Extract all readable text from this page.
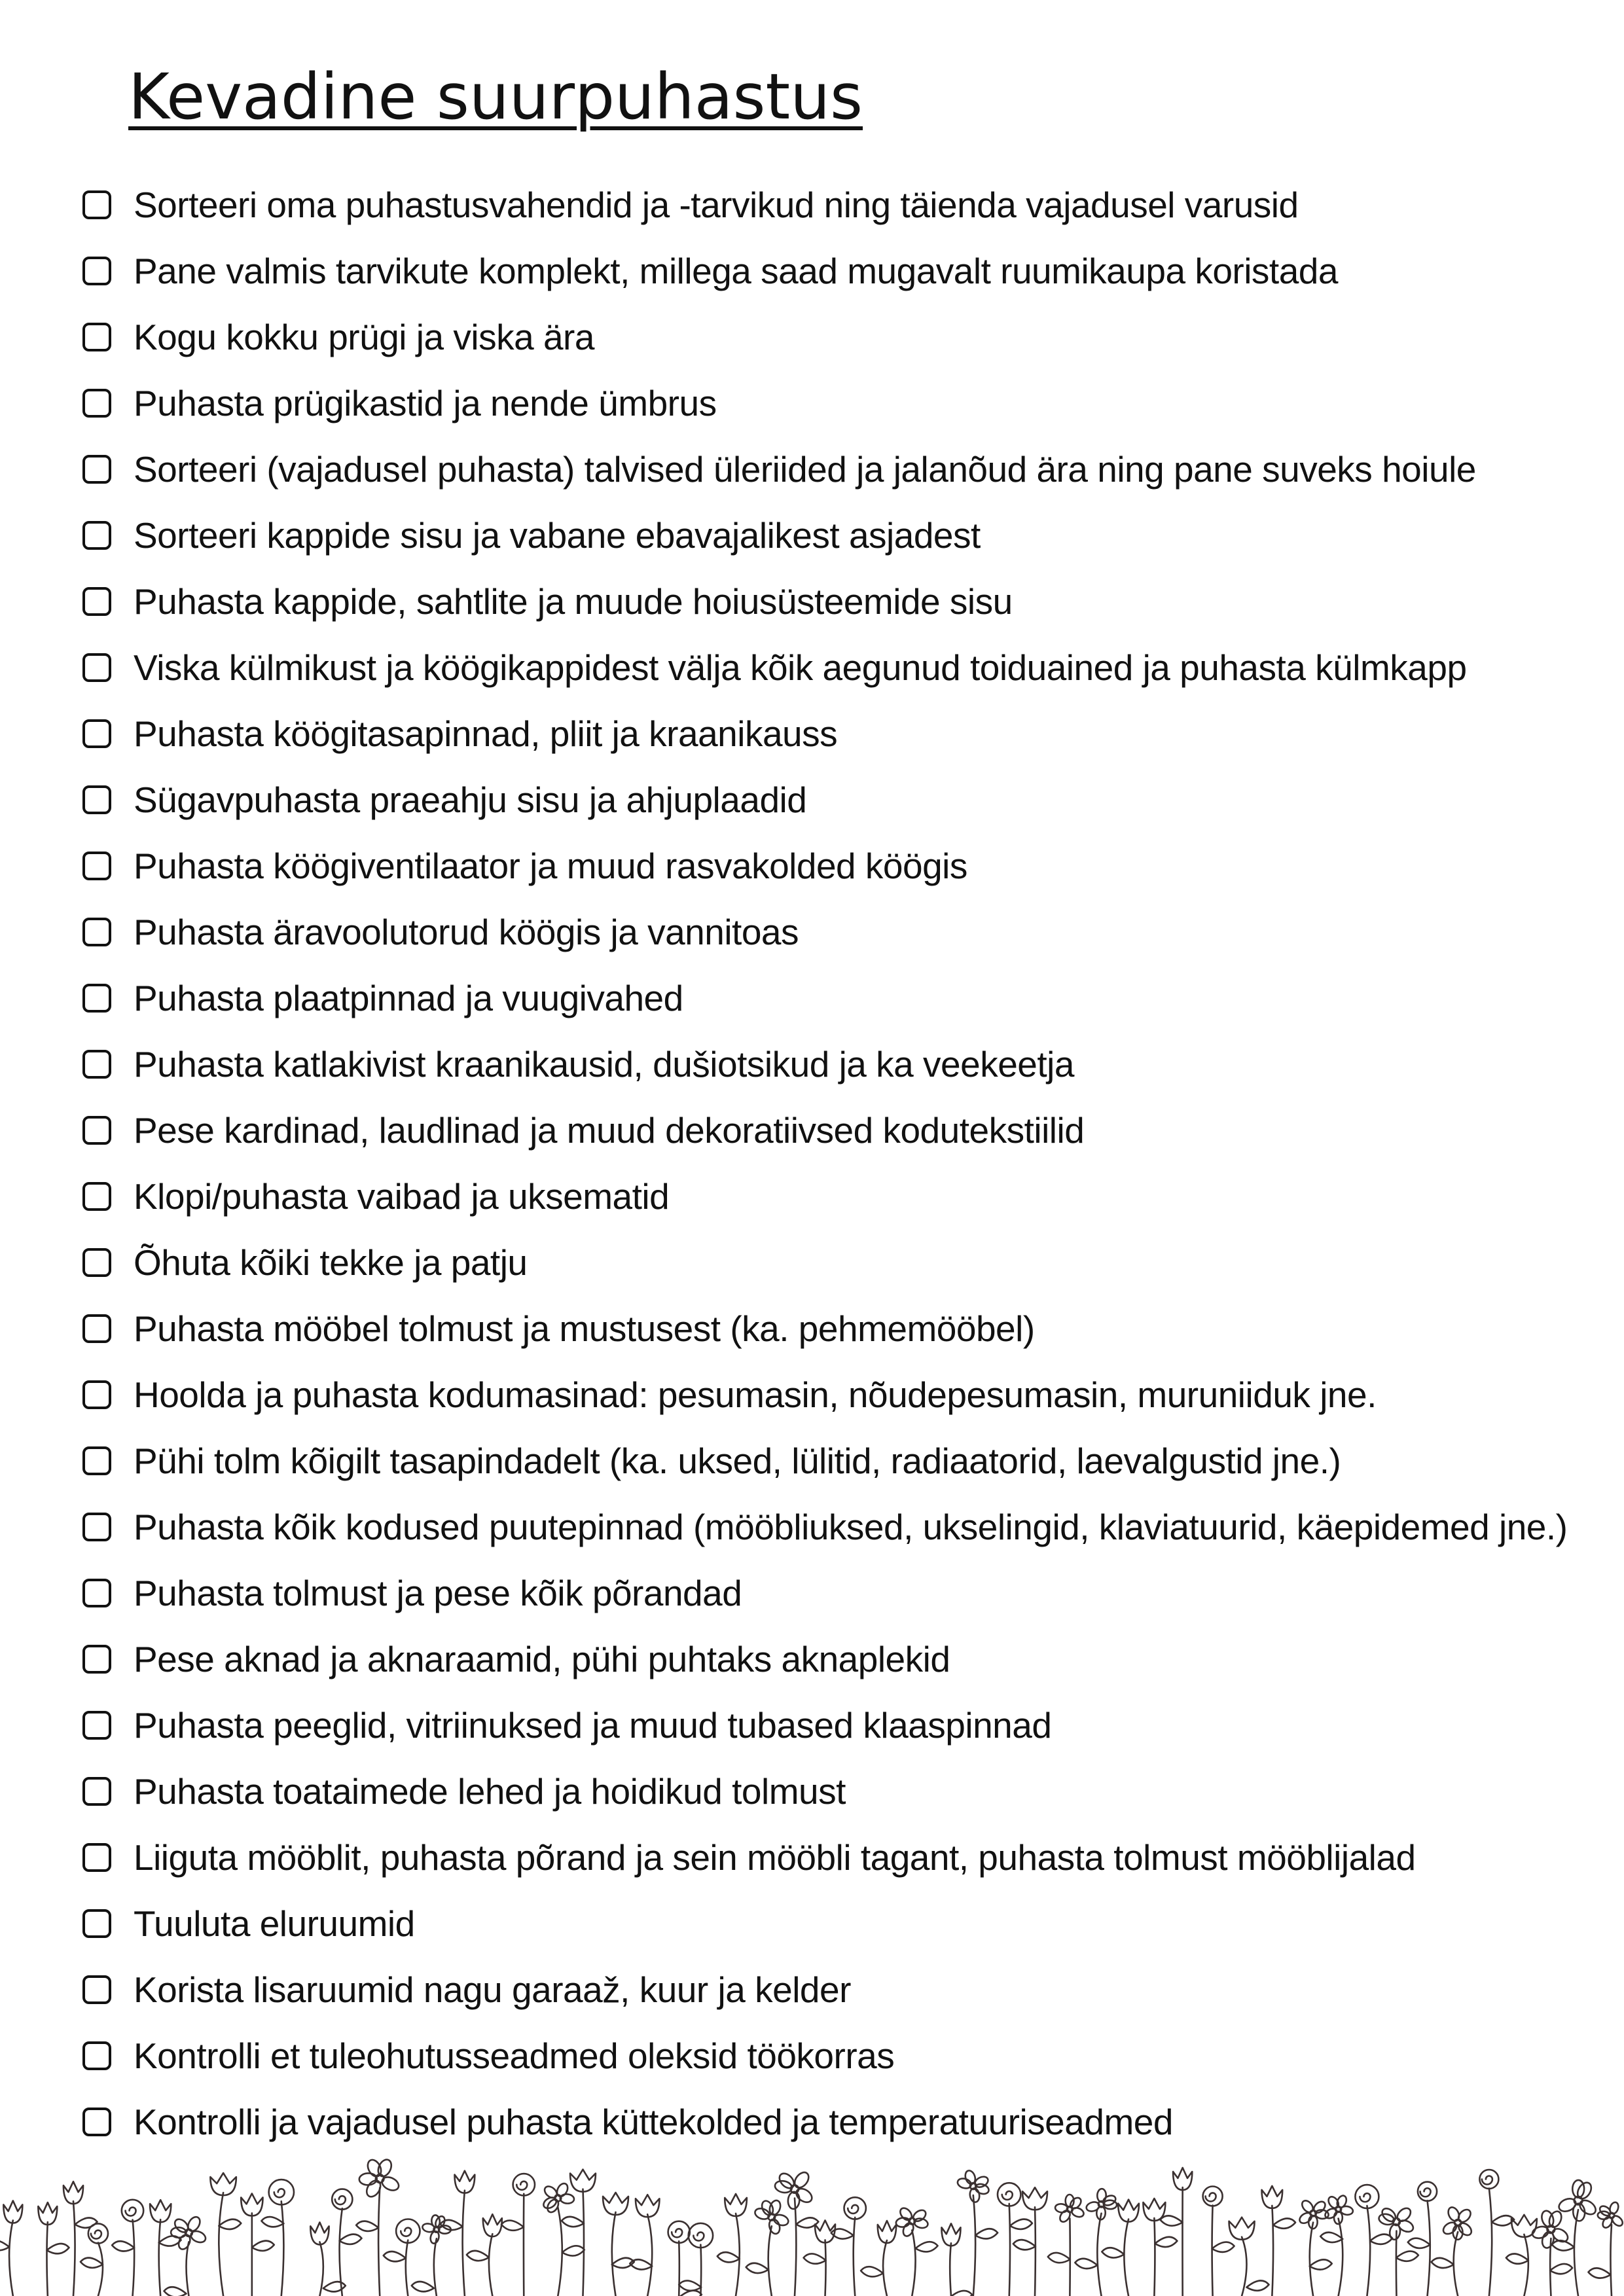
Kevadine suurpuhastus
Sorteeri oma puhastusvahendid ja -tarvikud ning täienda vajadusel varusid
Pane valmis tarvikute komplekt, millega saad mugavalt ruumikaupa koristada
Kogu kokku prügi ja viska ära
Puhasta prügikastid ja nende ümbrus
Sorteeri (vajadusel puhasta) talvised üleriided ja jalanõud ära ning pane suveks hoiule
Sorteeri kappide sisu ja vabane ebavajalikest asjadest
Puhasta kappide, sahtlite ja muude hoiusüsteemide sisu
Viska külmikust ja köögikappidest välja kõik aegunud toiduained ja puhasta külmkapp
Puhasta köögitasapinnad, pliit ja kraanikauss
Sügavpuhasta praeahju sisu ja ahjuplaadid
Puhasta köögiventilaator ja muud rasvakolded köögis
Puhasta äravoolutorud köögis ja vannitoas
Puhasta plaatpinnad ja vuugivahed
Puhasta katlakivist kraanikausid, dušiotsikud ja ka veekeetja
Pese kardinad, laudlinad ja muud dekoratiivsed kodutekstiilid
Klopi/puhasta vaibad ja uksematid
Õhuta kõiki tekke ja patju
Puhasta mööbel tolmust ja mustusest (ka. pehmemööbel)
Hoolda ja puhasta kodumasinad: pesumasin, nõudepesumasin, muruniiduk jne.
Pühi tolm kõigilt tasapindadelt (ka. uksed, lülitid, radiaatorid, laevalgustid jne.)
Puhasta kõik kodused puutepinnad (mööbliuksed, ukselingid, klaviatuurid, käepidemed jne.)
Puhasta tolmust ja pese kõik põrandad
Pese aknad ja aknaraamid, pühi puhtaks aknaplekid
Puhasta peeglid, vitriinuksed ja muud tubased klaaspinnad
Puhasta toataimede lehed ja hoidikud tolmust
Liiguta mööblit, puhasta põrand ja sein mööbli tagant, puhasta tolmust mööblijalad
Tuuluta eluruumid
Korista lisaruumid nagu garaaž, kuur ja kelder
Kontrolli et tuleohutusseadmed oleksid töökorras
Kontrolli ja vajadusel puhasta küttekolded ja temperatuuriseadmed
